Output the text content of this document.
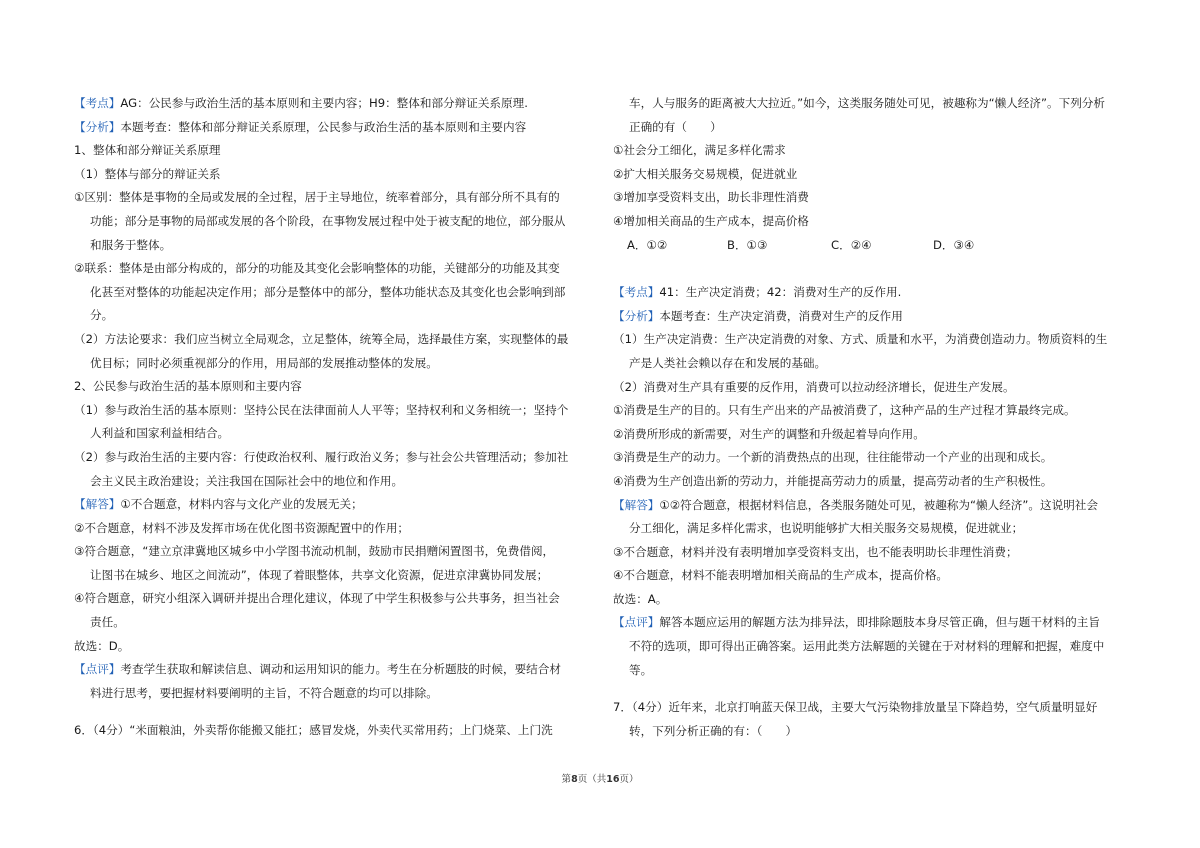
【考点】AG：公民参与政治生活的基本原则和主要内容；H9：整体和部分辩证关系原理.

【分析】本题考查：整体和部分辩证关系原理，公民参与政治生活的基本原则和主要内容

1、整体和部分辩证关系原理

（1）整体与部分的辩证关系

①区别：整体是事物的全局或发展的全过程，居于主导地位，统率着部分，具有部分所不具有的

功能；部分是事物的局部或发展的各个阶段，在事物发展过程中处于被支配的地位，部分服从

和服务于整体。

②联系：整体是由部分构成的，部分的功能及其变化会影响整体的功能，关键部分的功能及其变

化甚至对整体的功能起决定作用；部分是整体中的部分，整体功能状态及其变化也会影响到部

分。

（2）方法论要求：我们应当树立全局观念，立足整体，统筹全局，选择最佳方案，实现整体的最

优目标；同时必须重视部分的作用，用局部的发展推动整体的发展。

2、公民参与政治生活的基本原则和主要内容

（1）参与政治生活的基本原则：坚持公民在法律面前人人平等；坚持权利和义务相统一；坚持个

人利益和国家利益相结合。

（2）参与政治生活的主要内容：行使政治权利、履行政治义务；参与社会公共管理活动；参加社

会主义民主政治建设；关注我国在国际社会中的地位和作用。

【解答】①不合题意，材料内容与文化产业的发展无关；

②不合题意，材料不涉及发挥市场在优化图书资源配置中的作用；

③符合题意，“建立京津冀地区城乡中小学图书流动机制，鼓励市民捐赠闲置图书，免费借阅，

让图书在城乡、地区之间流动”，体现了着眼整体，共享文化资源，促进京津冀协同发展；

④符合题意，研究小组深入调研并提出合理化建议，体现了中学生积极参与公共事务，担当社会

责任。

故选：D。

【点评】考查学生获取和解读信息、调动和运用知识的能力。考生在分析题肢的时候，要结合材

料进行思考，要把握材料要阐明的主旨，不符合题意的均可以排除。

6．（4分）“米面粮油，外卖帮你能搬又能扛；感冒发烧，外卖代买常用药；上门烧菜、上门洗

车，人与服务的距离被大大拉近。”如今，这类服务随处可见，被趣称为“懒人经济”。下列分析

正确的有（　　）

①社会分工细化，满足多样化需求

②扩大相关服务交易规模，促进就业

③增加享受资料支出，助长非理性消费

④增加相关商品的生产成本，提高价格

A．①②	B．①③	C．②④	D．③④

【考点】41：生产决定消费；42：消费对生产的反作用.

【分析】本题考查：生产决定消费，消费对生产的反作用

（1）生产决定消费：生产决定消费的对象、方式、质量和水平，为消费创造动力。物质资料的生

产是人类社会赖以存在和发展的基础。

（2）消费对生产具有重要的反作用，消费可以拉动经济增长，促进生产发展。

①消费是生产的目的。只有生产出来的产品被消费了，这种产品的生产过程才算最终完成。

②消费所形成的新需要，对生产的调整和升级起着导向作用。

③消费是生产的动力。一个新的消费热点的出现，往往能带动一个产业的出现和成长。

④消费为生产创造出新的劳动力，并能提高劳动力的质量，提高劳动者的生产积极性。

【解答】①②符合题意，根据材料信息，各类服务随处可见，被趣称为“懒人经济”。这说明社会

分工细化，满足多样化需求，也说明能够扩大相关服务交易规模，促进就业；

③不合题意，材料并没有表明增加享受资料支出，也不能表明助长非理性消费；

④不合题意，材料不能表明增加相关商品的生产成本，提高价格。

故选：A。

【点评】解答本题应运用的解题方法为排异法，即排除题肢本身尽管正确，但与题干材料的主旨

不符的选项，即可得出正确答案。运用此类方法解题的关键在于对材料的理解和把握，难度中

等。

7．（4分）近年来，北京打响蓝天保卫战，主要大气污染物排放量呈下降趋势，空气质量明显好

转，下列分析正确的有：（　　）

第8页（共16页）
